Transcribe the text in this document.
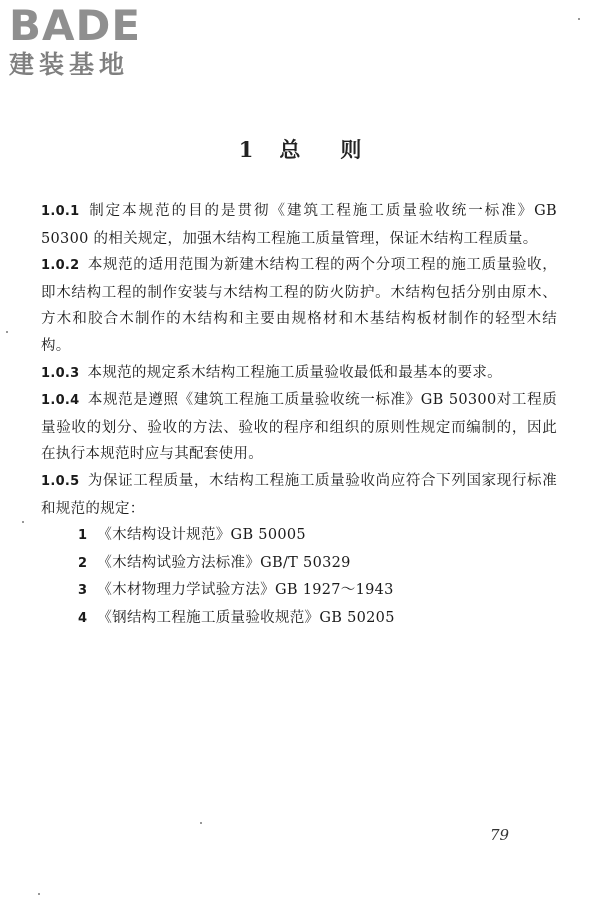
BADE
建装基地
1 总 则

1.0.1 制定本规范的目的是贯彻《建筑工程施工质量验收统一标准》GB 50300 的相关规定，加强木结构工程施工质量管理，保证木结构工程质量。

1.0.2 本规范的适用范围为新建木结构工程的两个分项工程的施工质量验收，即木结构工程的制作安装与木结构工程的防火防护。木结构包括分别由原木、方木和胶合木制作的木结构和主要由规格材和木基结构板材制作的轻型木结构。

1.0.3 本规范的规定系木结构工程施工质量验收最低和最基本的要求。

1.0.4 本规范是遵照《建筑工程施工质量验收统一标准》GB 50300对工程质量验收的划分、验收的方法、验收的程序和组织的原则性规定而编制的，因此在执行本规范时应与其配套使用。

1.0.5 为保证工程质量，木结构工程施工质量验收尚应符合下列国家现行标准和规范的规定：

1 《木结构设计规范》GB 50005

2 《木结构试验方法标准》GB/T 50329

3 《木材物理力学试验方法》GB 1927～1943

4 《钢结构工程施工质量验收规范》GB 50205

79
